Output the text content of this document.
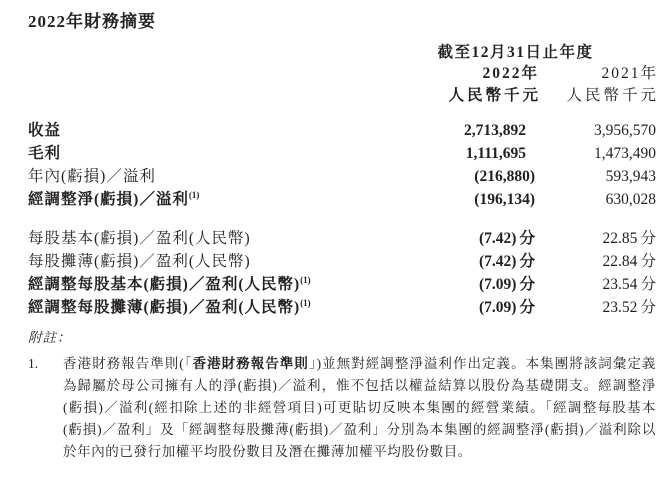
2022年財務摘要
截至12月31日止年度
2022年	2021年
人民幣千元	人民幣千元
收益	2,713,892	3,956,570
毛利	1,111,695	1,473,490
年內(虧損)／溢利	(216,880)	593,943
經調整淨(虧損)／溢利$^{(1)}$	(196,134)	630,028
每股基本(虧損)／盈利(人民幣)	(7.42) 分	22.85 分
每股攤薄(虧損)／盈利(人民幣)	(7.42) 分	22.84 分
經調整每股基本(虧損)／盈利(人民幣)$^{(1)}$	(7.09) 分	23.54 分
經調整每股攤薄(虧損)／盈利(人民幣)$^{(1)}$	(7.09) 分	23.52 分
附註：
1. 香港財務報告準則(「香港財務報告準則」)並無對經調整淨溢利作出定義。本集團將該詞彙定義
為歸屬於母公司擁有人的淨(虧損)／溢利，惟不包括以權益結算以股份為基礎開支。經調整淨
(虧損)／溢利(經扣除上述的非經營項目)可更貼切反映本集團的經營業績。「經調整每股基本
(虧損)／盈利」及「經調整每股攤薄(虧損)／盈利」分別為本集團的經調整淨(虧損)／溢利除以
於年內的已發行加權平均股份數目及潛在攤薄加權平均股份數目。
